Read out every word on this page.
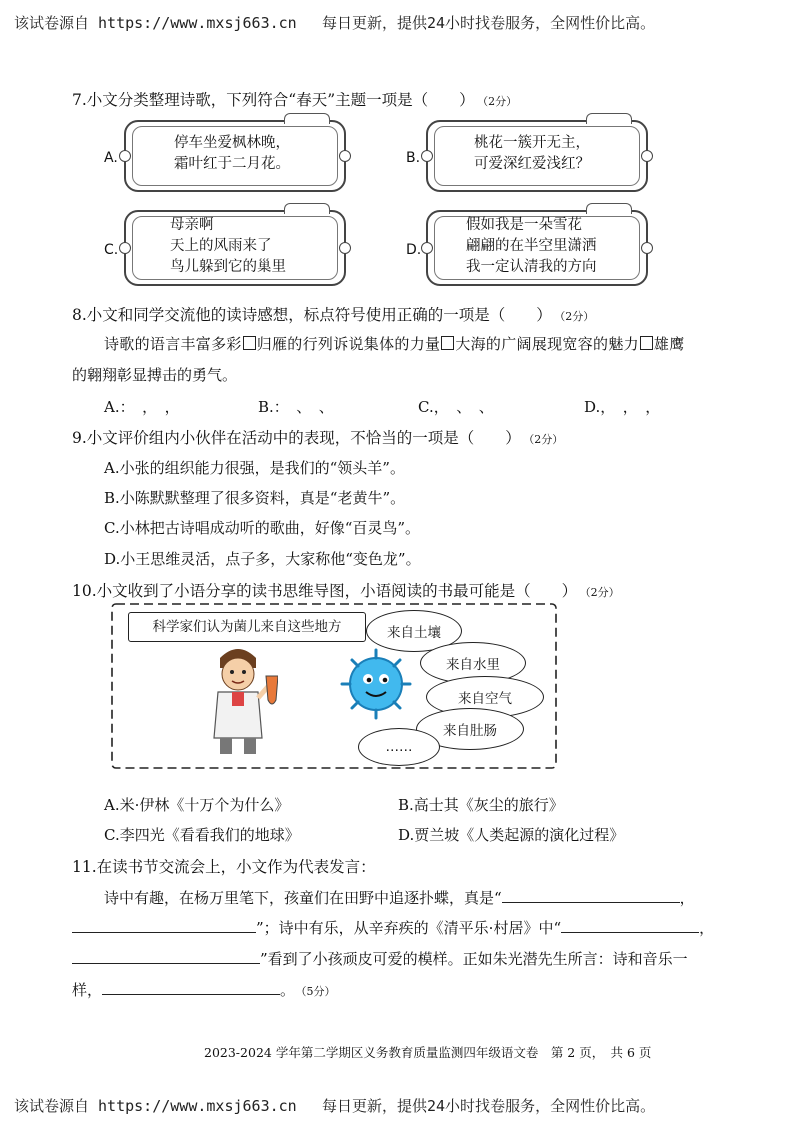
该试卷源自 https://www.mxsj663.cn 每日更新，提供24小时找卷服务，全网性价比高。
7.小文分类整理诗歌，下列符合“春天”主题一项是（　　） （2分）
A.
停车坐爱枫林晚，
霜叶红于二月花。	B.
桃花一簇开无主，
可爱深红爱浅红？
C.
母亲啊
天上的风雨来了
鸟儿躲到它的巢里
D.
假如我是一朵雪花
翩翩的在半空里潇洒
我一定认清我的方向
8.小文和同学交流他的读诗感想，标点符号使用正确的一项是（　　） （2分）
诗歌的语言丰富多彩 归雁的行列诉说集体的力量 大海的广阔展现宽容的魅力 雄鹰
的翱翔彰显搏击的勇气。
A.：　，　，	B.：　、　、	C.，　、　、	D.，　，　，
9.小文评价组内小伙伴在活动中的表现，不恰当的一项是（　　） （2分）
A.小张的组织能力很强，是我们的“领头羊”。
B.小陈默默整理了很多资料，真是“老黄牛”。
C.小林把古诗唱成动听的歌曲，好像“百灵鸟”。
D.小王思维灵活，点子多，大家称他“变色龙”。
10.小文收到了小语分享的读书思维导图，小语阅读的书最可能是（　　） （2分）
科学家们认为菌儿来自这些地方	来自土壤
来自水里
来自空气
来自肚肠
……
A.米·伊林《十万个为什么》	B.高士其《灰尘的旅行》
C.李四光《看看我们的地球》	D.贾兰坡《人类起源的演化过程》
11.在读书节交流会上，小文作为代表发言：
诗中有趣，在杨万里笔下，孩童们在田野中追逐扑蝶，真是“	，
”；诗中有乐，从辛弃疾的《清平乐·村居》中“	，
”看到了小孩顽皮可爱的模样。正如朱光潜先生所言：诗和音乐一
样，	。 （5分）
2023-2024 学年第二学期区义务教育质量监测四年级语文卷　第 2 页，　共 6 页
该试卷源自 https://www.mxsj663.cn 每日更新，提供24小时找卷服务，全网性价比高。
